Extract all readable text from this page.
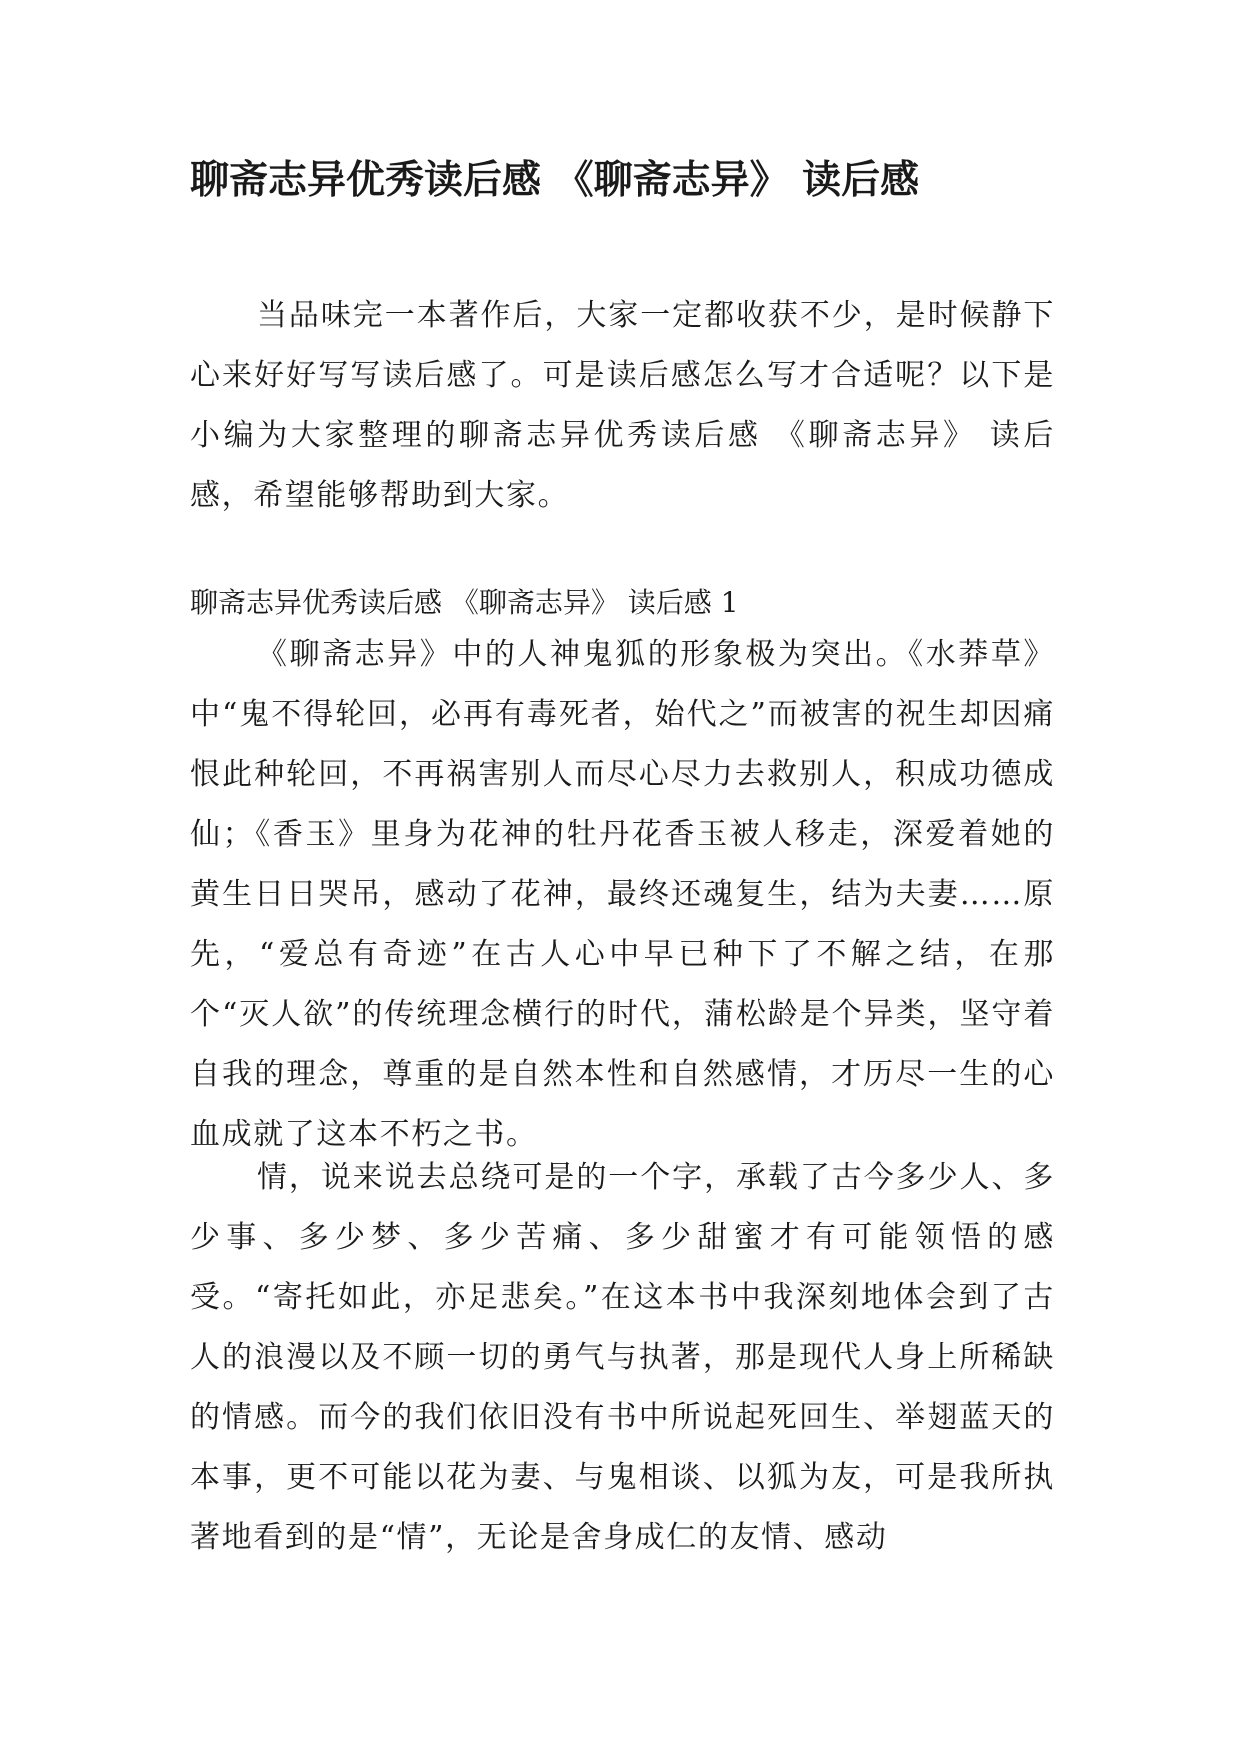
聊斋志异优秀读后感 《聊斋志异》 读后感

当品味完一本著作后，大家一定都收获不少，是时候静下心来好好写写读后感了。可是读后感怎么写才合适呢？以下是小编为大家整理的聊斋志异优秀读后感 《聊斋志异》 读后感，希望能够帮助到大家。

聊斋志异优秀读后感 《聊斋志异》 读后感 1

《聊斋志异》中的人神鬼狐的形象极为突出。《水莽草》中“鬼不得轮回，必再有毒死者，始代之”而被害的祝生却因痛恨此种轮回，不再祸害别人而尽心尽力去救别人，积成功德成仙；《香玉》里身为花神的牡丹花香玉被人移走，深爱着她的黄生日日哭吊，感动了花神，最终还魂复生，结为夫妻……原先，“爱总有奇迹”在古人心中早已种下了不解之结，在那个“灭人欲”的传统理念横行的时代，蒲松龄是个异类，坚守着自我的理念，尊重的是自然本性和自然感情，才历尽一生的心血成就了这本不朽之书。

情，说来说去总绕可是的一个字，承载了古今多少人、多少事、多少梦、多少苦痛、多少甜蜜才有可能领悟的感受。“寄托如此，亦足悲矣。”在这本书中我深刻地体会到了古人的浪漫以及不顾一切的勇气与执著，那是现代人身上所稀缺的情感。而今的我们依旧没有书中所说起死回生、举翅蓝天的本事，更不可能以花为妻、与鬼相谈、以狐为友，可是我所执著地看到的是“情”，无论是舍身成仁的友情、感动
